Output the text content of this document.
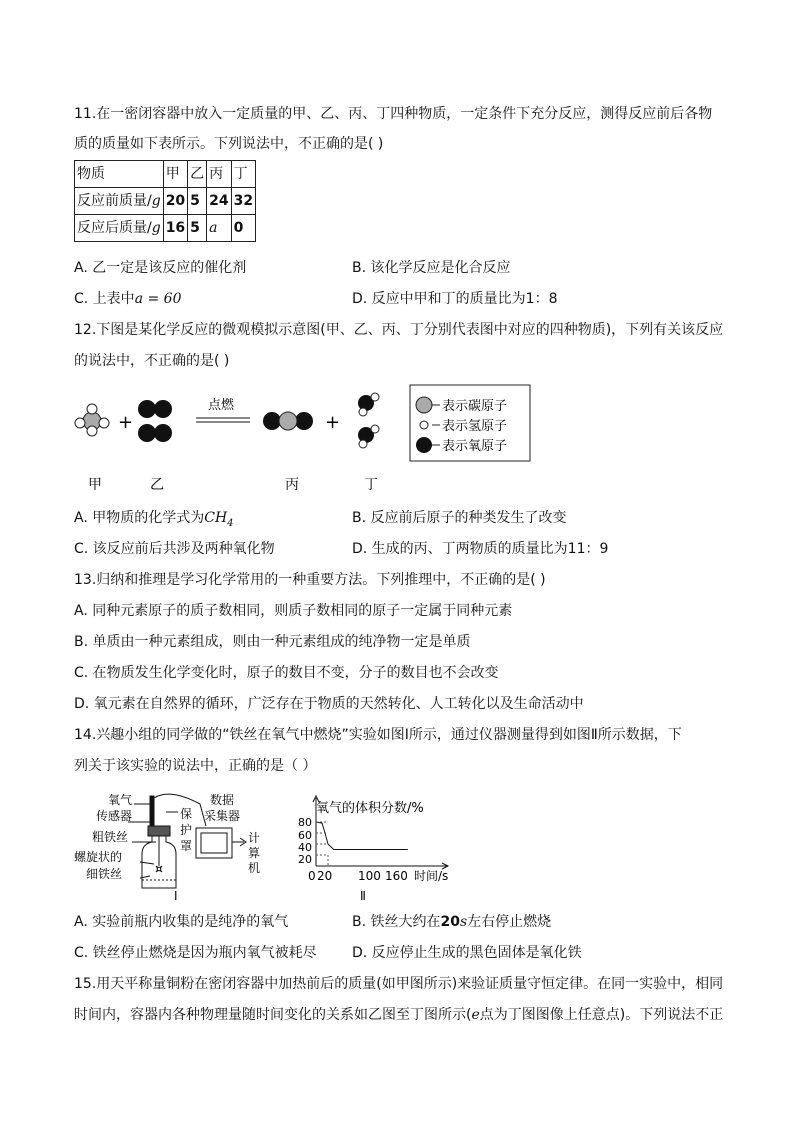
11.在一密闭容器中放入一定质量的甲、乙、丙、丁四种物质，一定条件下充分反应，测得反应前后各物
质的质量如下表所示。下列说法中，不正确的是( )
物质	甲	乙	丙	丁
反应前质量/g	20	5	24	32
反应后质量/g	16	5	a	0
A. 乙一定是该反应的催化剂	B. 该化学反应是化合反应
C. 上表中a = 60	D. 反应中甲和丁的质量比为1：8
12.下图是某化学反应的微观模拟示意图(甲、乙、丙、丁分别代表图中对应的四种物质)，下列有关该反应
的说法中，不正确的是( )
+
点燃
+
表示碳原子
表示氢原子
表示氧原子
甲	乙	丙	丁
A. 甲物质的化学式为$CH_4$	B. 反应前后原子的种类发生了改变
C. 该反应前后共涉及两种氧化物	D. 生成的丙、丁两物质的质量比为11：9
13.归纳和推理是学习化学常用的一种重要方法。下列推理中，不正确的是( )
A. 同种元素原子的质子数相同，则质子数相同的原子一定属于同种元素
B. 单质由一种元素组成，则由一种元素组成的纯净物一定是单质
C. 在物质发生化学变化时，原子的数目不变，分子的数目也不会改变
D. 氧元素在自然界的循环，广泛存在于物质的天然转化、人工转化以及生命活动中
14.兴趣小组的同学做的“铁丝在氧气中燃烧”实验如图Ⅰ所示，通过仪器测量得到如图Ⅱ所示数据，下
列关于该实验的说法中，正确的是（ ）
氧气
传感器
粗铁丝
螺旋状的
细铁丝
保
护
罩
数据
采集器
计
算
机
Ⅰ
氧气的体积分数/%
80
60
40
20
0 20 100 160 时间/s
Ⅱ
A. 实验前瓶内收集的是纯净的氧气	B. 铁丝大约在20s左右停止燃烧
C. 铁丝停止燃烧是因为瓶内氧气被耗尽	D. 反应停止生成的黑色固体是氧化铁
15.用天平称量铜粉在密闭容器中加热前后的质量(如甲图所示)来验证质量守恒定律。在同一实验中，相同
时间内，容器内各种物理量随时间变化的关系如乙图至丁图所示(e点为丁图图像上任意点)。下列说法不正
